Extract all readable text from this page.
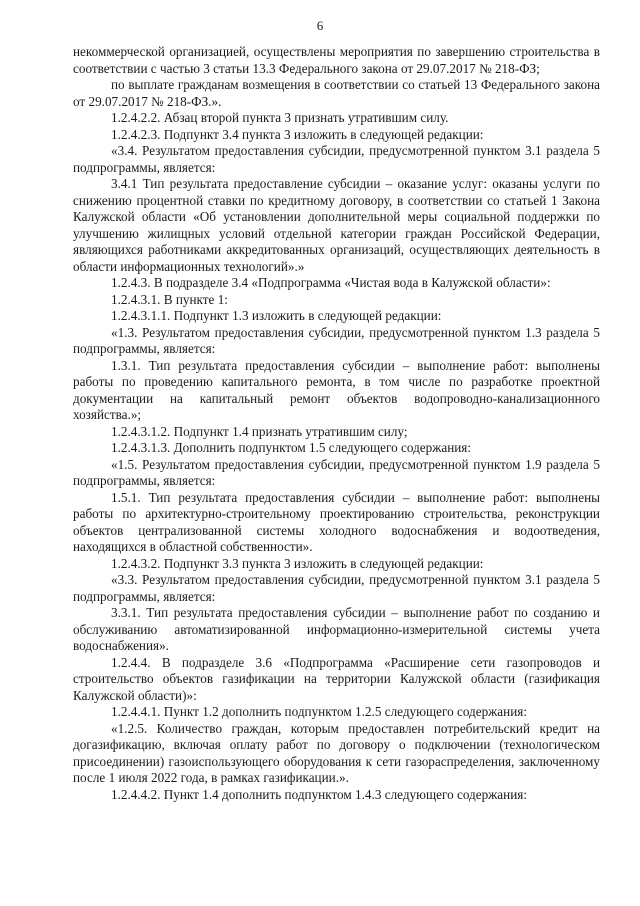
6

некоммерческой организацией, осуществлены мероприятия по завершению строительства в соответствии с частью 3 статьи 13.3 Федерального закона от 29.07.2017 № 218-ФЗ;

по выплате гражданам возмещения в соответствии со статьей 13 Федерального закона от 29.07.2017 № 218-ФЗ.».

1.2.4.2.2. Абзац второй пункта 3 признать утратившим силу.

1.2.4.2.3. Подпункт 3.4 пункта 3 изложить в следующей редакции:

«3.4. Результатом предоставления субсидии, предусмотренной пунктом 3.1 раздела 5 подпрограммы, является:

3.4.1 Тип результата предоставление субсидии – оказание услуг: оказаны услуги по снижению процентной ставки по кредитному договору, в соответствии со статьей 1 Закона Калужской области «Об установлении дополнительной меры социальной поддержки по улучшению жилищных условий отдельной категории граждан Российской Федерации, являющихся работниками аккредитованных организаций, осуществляющих деятельность в области информационных технологий».»

1.2.4.3. В подразделе 3.4 «Подпрограмма «Чистая вода в Калужской области»:

1.2.4.3.1. В пункте 1:

1.2.4.3.1.1. Подпункт 1.3 изложить в следующей редакции:

«1.3. Результатом предоставления субсидии, предусмотренной пунктом 1.3 раздела 5 подпрограммы, является:

1.3.1. Тип результата предоставления субсидии – выполнение работ: выполнены работы по проведению капитального ремонта, в том числе по разработке проектной документации на капитальный ремонт объектов водопроводно-канализационного хозяйства.»;

1.2.4.3.1.2. Подпункт 1.4 признать утратившим силу;

1.2.4.3.1.3. Дополнить подпунктом 1.5 следующего содержания:

«1.5. Результатом предоставления субсидии, предусмотренной пунктом 1.9 раздела 5 подпрограммы, является:

1.5.1. Тип результата предоставления субсидии – выполнение работ: выполнены работы по архитектурно-строительному проектированию строительства, реконструкции объектов централизованной системы холодного водоснабжения и водоотведения, находящихся в областной собственности».

1.2.4.3.2. Подпункт 3.3 пункта 3 изложить в следующей редакции:

«3.3. Результатом предоставления субсидии, предусмотренной пунктом 3.1 раздела 5 подпрограммы, является:

3.3.1. Тип результата предоставления субсидии – выполнение работ по созданию и обслуживанию автоматизированной информационно-измерительной системы учета водоснабжения».

1.2.4.4. В подразделе 3.6 «Подпрограмма «Расширение сети газопроводов и строительство объектов газификации на территории Калужской области (газификация Калужской области)»:

1.2.4.4.1. Пункт 1.2 дополнить подпунктом 1.2.5 следующего содержания:

«1.2.5. Количество граждан, которым предоставлен потребительский кредит на догазификацию, включая оплату работ по договору о подключении (технологическом присоединении) газоиспользующего оборудования к сети газораспределения, заключенному после 1 июля 2022 года, в рамках газификации.».

1.2.4.4.2. Пункт 1.4 дополнить подпунктом 1.4.3 следующего содержания:
